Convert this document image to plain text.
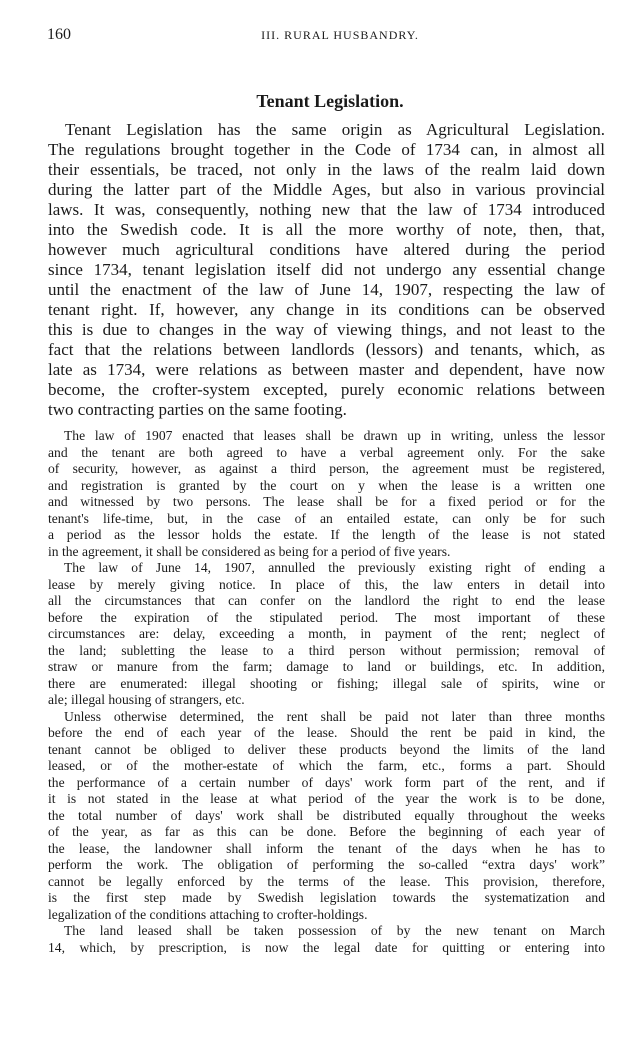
160	III. RURAL HUSBANDRY.
Tenant Legislation.
Tenant Legislation has the same origin as Agricultural Legislation.
The regulations brought together in the Code of 1734 can, in almost all
their essentials, be traced, not only in the laws of the realm laid down
during the latter part of the Middle Ages, but also in various provincial
laws. It was, consequently, nothing new that the law of 1734 introduced
into the Swedish code. It is all the more worthy of note, then, that,
however much agricultural conditions have altered during the period
since 1734, tenant legislation itself did not undergo any essential change
until the enactment of the law of June 14, 1907, respecting the law of
tenant right. If, however, any change in its conditions can be observed
this is due to changes in the way of viewing things, and not least to the
fact that the relations between landlords (lessors) and tenants, which, as
late as 1734, were relations as between master and dependent, have now
become, the crofter-system excepted, purely economic relations between
two contracting parties on the same footing.
The law of 1907 enacted that leases shall be drawn up in writing, unless the lessor
and the tenant are both agreed to have a verbal agreement only. For the sake
of security, however, as against a third person, the agreement must be registered,
and registration is granted by the court on y when the lease is a written one
and witnessed by two persons. The lease shall be for a fixed period or for the
tenant's life-time, but, in the case of an entailed estate, can only be for such
a period as the lessor holds the estate. If the length of the lease is not stated
in the agreement, it shall be considered as being for a period of five years.
The law of June 14, 1907, annulled the previously existing right of ending a
lease by merely giving notice. In place of this, the law enters in detail into
all the circumstances that can confer on the landlord the right to end the lease
before the expiration of the stipulated period. The most important of these
circumstances are: delay, exceeding a month, in payment of the rent; neglect of
the land; subletting the lease to a third person without permission; removal of
straw or manure from the farm; damage to land or buildings, etc. In addition,
there are enumerated: illegal shooting or fishing; illegal sale of spirits, wine or
ale; illegal housing of strangers, etc.
Unless otherwise determined, the rent shall be paid not later than three months
before the end of each year of the lease. Should the rent be paid in kind, the
tenant cannot be obliged to deliver these products beyond the limits of the land
leased, or of the mother-estate of which the farm, etc., forms a part. Should
the performance of a certain number of days' work form part of the rent, and if
it is not stated in the lease at what period of the year the work is to be done,
the total number of days' work shall be distributed equally throughout the weeks
of the year, as far as this can be done. Before the beginning of each year of
the lease, the landowner shall inform the tenant of the days when he has to
perform the work. The obligation of performing the so-called “extra days' work”
cannot be legally enforced by the terms of the lease. This provision, therefore,
is the first step made by Swedish legislation towards the systematization and
legalization of the conditions attaching to crofter-holdings.
The land leased shall be taken possession of by the new tenant on March
14, which, by prescription, is now the legal date for quitting or entering into
